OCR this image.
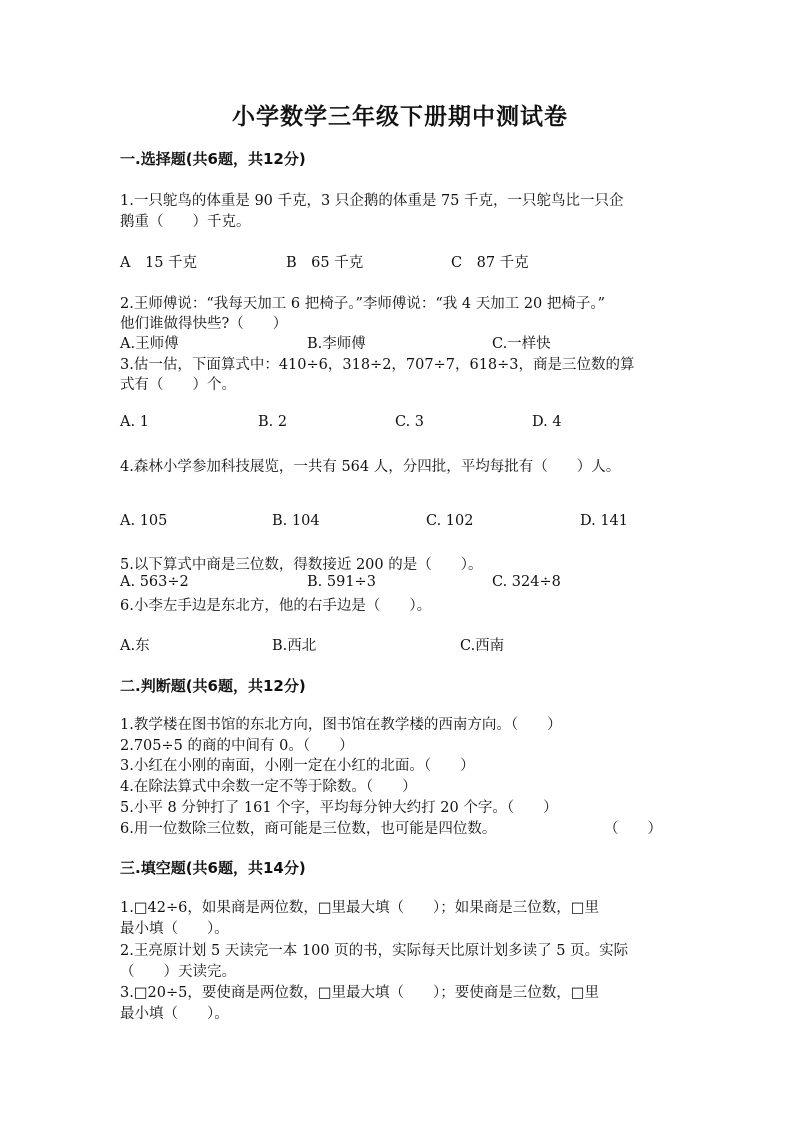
小学数学三年级下册期中测试卷
一.选择题(共6题，共12分)
1.一只鸵鸟的体重是 90 千克，3 只企鹅的体重是 75 千克，一只鸵鸟比一只企
鹅重（　　）千克。
A　15 千克	B　65 千克	C　87 千克
2.王师傅说：“我每天加工 6 把椅子。”李师傅说：“我 4 天加工 20 把椅子。”
他们谁做得快些?（　　）
A.王师傅	B.李师傅	C.一样快
3.估一估，下面算式中：410÷6，318÷2，707÷7，618÷3，商是三位数的算
式有（　　）个。
A. 1	B. 2	C. 3	D. 4
4.森林小学参加科技展览，一共有 564 人，分四批，平均每批有（　　）人。
A. 105	B. 104	C. 102	D. 141
5.以下算式中商是三位数，得数接近 200 的是（　　）。
A. 563÷2	B. 591÷3	C. 324÷8
6.小李左手边是东北方，他的右手边是（　　）。
A.东	B.西北	C.西南
二.判断题(共6题，共12分)
1.教学楼在图书馆的东北方向，图书馆在教学楼的西南方向。（　　）
2.705÷5 的商的中间有 0。（　　）
3.小红在小刚的南面，小刚一定在小红的北面。（　　）
4.在除法算式中余数一定不等于除数。（　　）
5.小平 8 分钟打了 161 个字，平均每分钟大约打 20 个字。（　　）
6.用一位数除三位数，商可能是三位数，也可能是四位数。	（　　）
三.填空题(共6题，共14分)
1.□42÷6，如果商是两位数，□里最大填（　　）；如果商是三位数，□里
最小填（　　）。
2.王亮原计划 5 天读完一本 100 页的书，实际每天比原计划多读了 5 页。实际
（　　）天读完。
3.□20÷5，要使商是两位数，□里最大填（　　）；要使商是三位数，□里
最小填（　　）。
